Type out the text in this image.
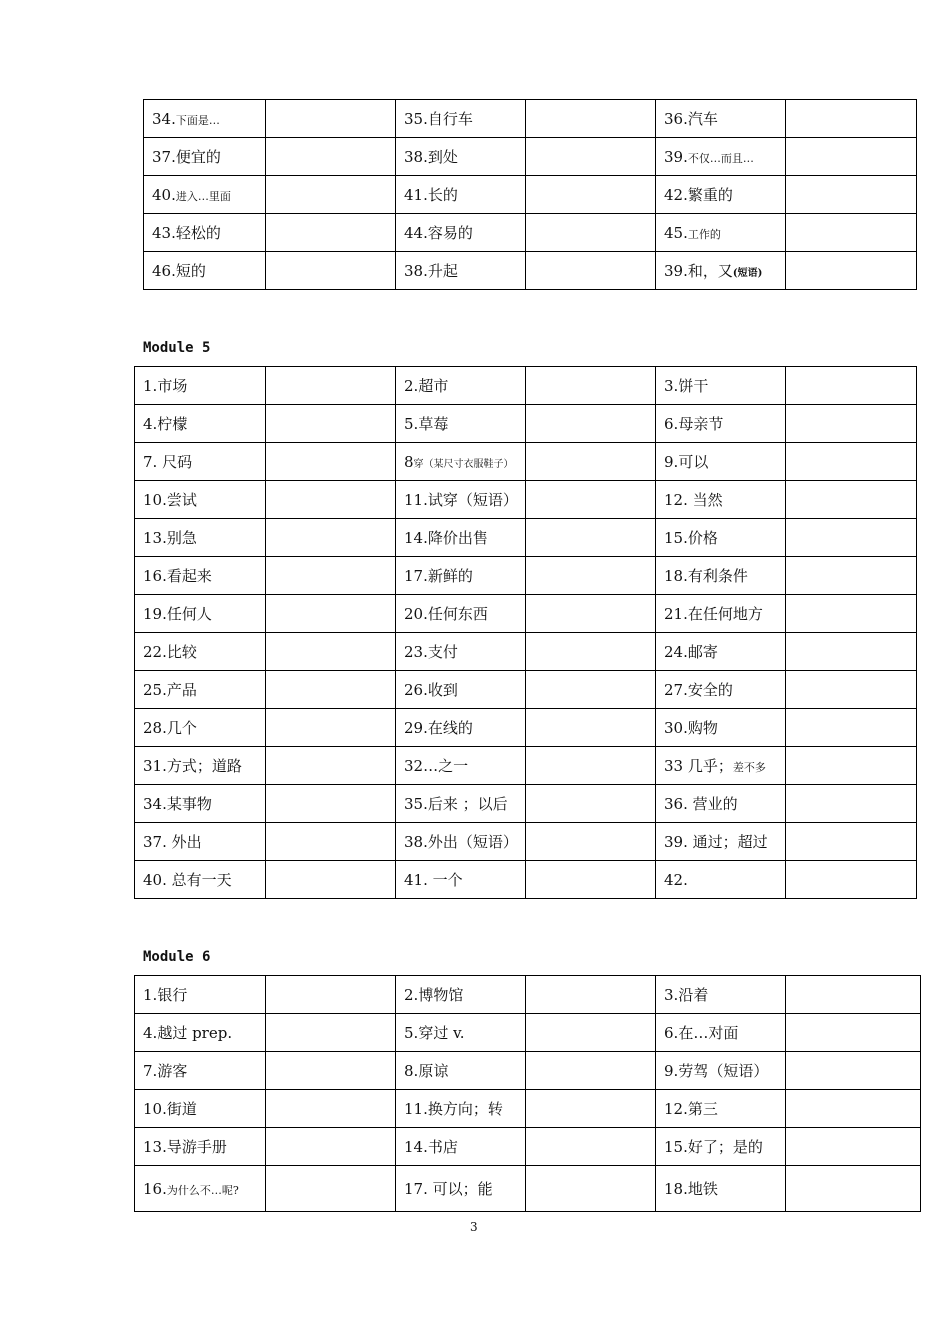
34.下面是…		35.自行车		36.汽车	
37.便宜的		38.到处		39.不仅…而且…	
40.进入…里面		41.长的		42.繁重的	
43.轻松的		44.容易的		45.工作的	
46.短的		38.升起		39.和，又(短语)	
Module 5
1.市场		2.超市		3.饼干	
4.柠檬		5.草莓		6.母亲节	
7. 尺码		8穿（某尺寸衣服鞋子）		9.可以	
10.尝试		11.试穿（短语）		12. 当然	
13.别急		14.降价出售		15.价格	
16.看起来		17.新鲜的		18.有利条件	
19.任何人		20.任何东西		21.在任何地方	
22.比较		23.支付		24.邮寄	
25.产品		26.收到		27.安全的	
28.几个		29.在线的		30.购物	
31.方式；道路		32…之一		33 几乎；差不多	
34.某事物		35.后来 ；以后		36. 营业的	
37. 外出		38.外出（短语）		39. 通过；超过	
40. 总有一天		41. 一个		42.	
Module 6
1.银行		2.博物馆		3.沿着	
4.越过 prep.		5.穿过 v.		6.在…对面	
7.游客		8.原谅		9.劳驾（短语）	
10.街道		11.换方向；转		12.第三	
13.导游手册		14.书店		15.好了；是的	
16.为什么不…呢?		17. 可以；能		18.地铁	
3
